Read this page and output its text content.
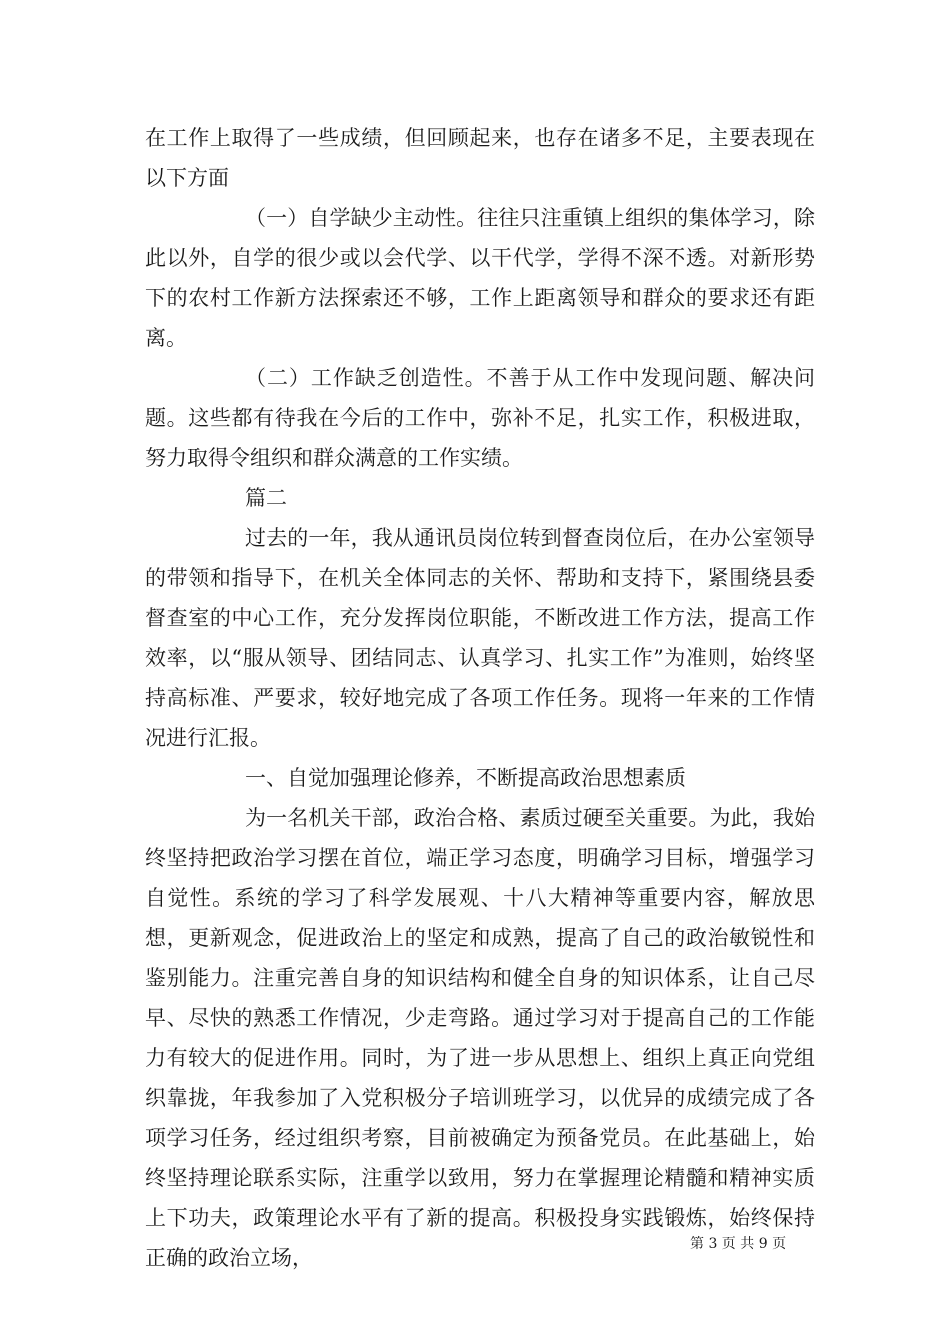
在工作上取得了一些成绩，但回顾起来，也存在诸多不足，主要表现在以下方面

（一）自学缺少主动性。往往只注重镇上组织的集体学习，除此以外，自学的很少或以会代学、以干代学，学得不深不透。对新形势下的农村工作新方法探索还不够，工作上距离领导和群众的要求还有距离。

（二）工作缺乏创造性。不善于从工作中发现问题、解决问题。这些都有待我在今后的工作中，弥补不足，扎实工作，积极进取，努力取得令组织和群众满意的工作实绩。

篇二

过去的一年，我从通讯员岗位转到督查岗位后，在办公室领导的带领和指导下，在机关全体同志的关怀、帮助和支持下，紧围绕县委督查室的中心工作，充分发挥岗位职能，不断改进工作方法，提高工作效率，以“服从领导、团结同志、认真学习、扎实工作”为准则，始终坚持高标准、严要求，较好地完成了各项工作任务。现将一年来的工作情况进行汇报。

一、自觉加强理论修养，不断提高政治思想素质

为一名机关干部，政治合格、素质过硬至关重要。为此，我始终坚持把政治学习摆在首位，端正学习态度，明确学习目标，增强学习自觉性。系统的学习了科学发展观、十八大精神等重要内容，解放思想，更新观念，促进政治上的坚定和成熟，提高了自己的政治敏锐性和鉴别能力。注重完善自身的知识结构和健全自身的知识体系，让自己尽早、尽快的熟悉工作情况，少走弯路。通过学习对于提高自己的工作能力有较大的促进作用。同时，为了进一步从思想上、组织上真正向党组织靠拢，年我参加了入党积极分子培训班学习，以优异的成绩完成了各项学习任务，经过组织考察，目前被确定为预备党员。在此基础上，始终坚持理论联系实际，注重学以致用，努力在掌握理论精髓和精神实质上下功夫，政策理论水平有了新的提高。积极投身实践锻炼，始终保持正确的政治立场，

第 3 页 共 9 页
